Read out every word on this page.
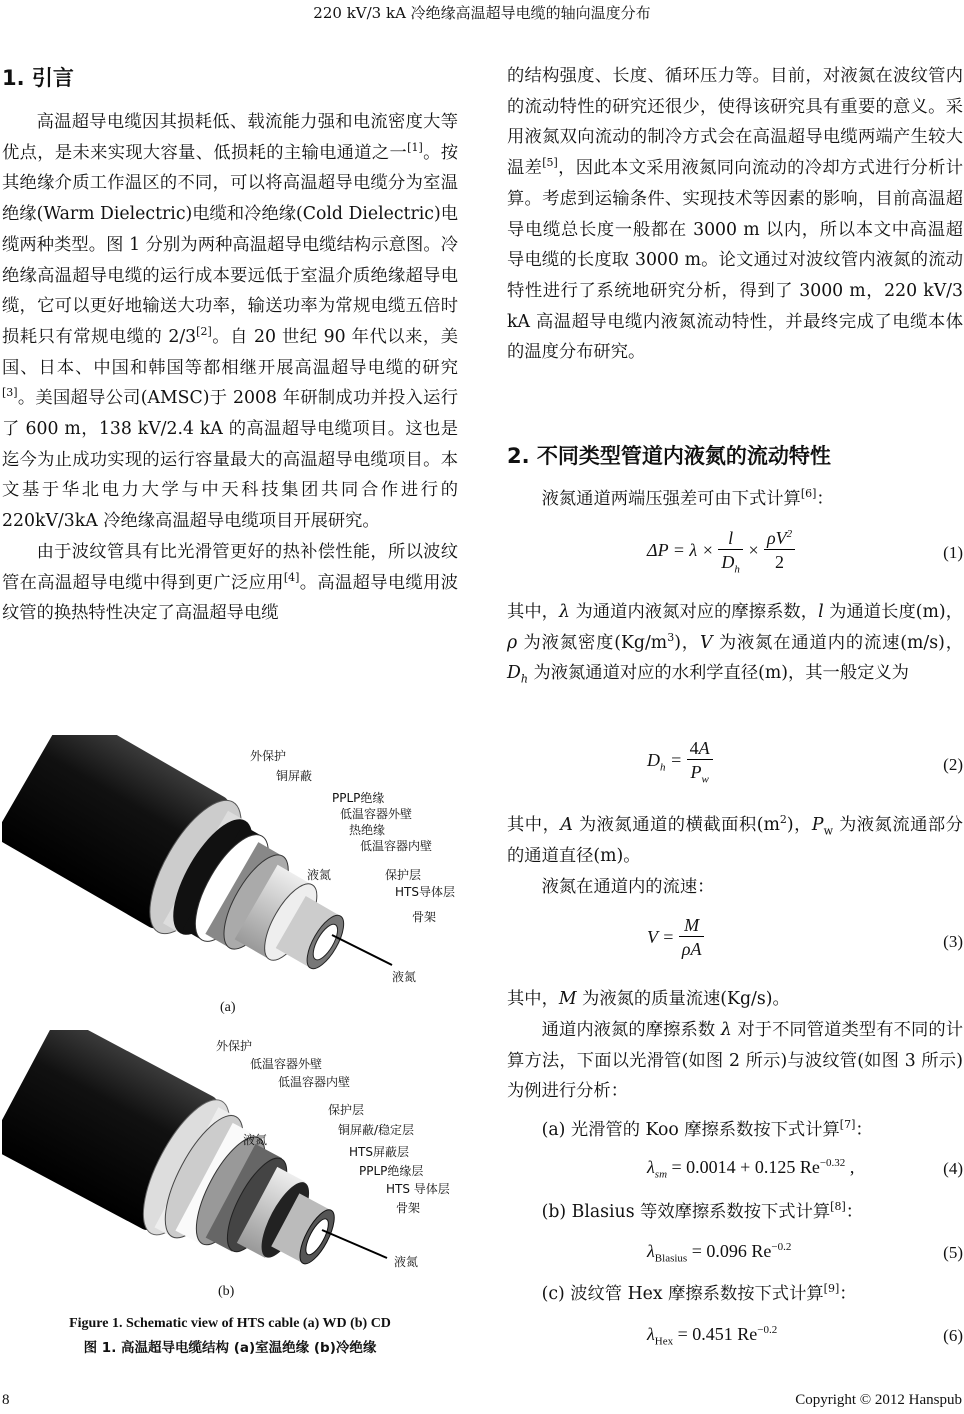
220 kV/3 kA 冷绝缘高温超导电缆的轴向温度分布
1. 引言

高温超导电缆因其损耗低、载流能力强和电流密度大等优点，是未来实现大容量、低损耗的主输电通道之一[1]。按其绝缘介质工作温区的不同，可以将高温超导电缆分为室温绝缘(Warm Dielectric)电缆和冷绝缘(Cold Dielectric)电缆两种类型。图 1 分别为两种高温超导电缆结构示意图。冷绝缘高温超导电缆的运行成本要远低于室温介质绝缘超导电缆，它可以更好地输送大功率，输送功率为常规电缆五倍时损耗只有常规电缆的 2/3[2]。自 20 世纪 90 年代以来，美国、日本、中国和韩国等都相继开展高温超导电缆的研究[3]。美国超导公司(AMSC)于 2008 年研制成功并投入运行了 600 m，138 kV/2.4 kA 的高温超导电缆项目。这也是迄今为止成功实现的运行容量最大的高温超导电缆项目。本文基于华北电力大学与中天科技集团共同合作进行的 220kV/3kA 冷绝缘高温超导电缆项目开展研究。

由于波纹管具有比光滑管更好的热补偿性能，所以波纹管在高温超导电缆中得到更广泛应用[4]。高温超导电缆用波纹管的换热特性决定了高温超导电缆

外保护
铜屏蔽
PPLP绝缘
低温容器外壁
热绝缘
低温容器内壁
液氮	保护层
HTS导体层
骨架
液氮
(a)
外保护
低温容器外壁
低温容器内壁
保护层
液氮
铜屏蔽/稳定层
HTS屏蔽层
PPLP绝缘层
HTS 导体层
骨架
液氮
(b)
Figure 1. Schematic view of HTS cable (a) WD (b) CD
图 1. 高温超导电缆结构 (a)室温绝缘 (b)冷绝缘

的结构强度、长度、循环压力等。目前，对液氮在波纹管内的流动特性的研究还很少，使得该研究具有重要的意义。采用液氮双向流动的制冷方式会在高温超导电缆两端产生较大温差[5]，因此本文采用液氮同向流动的冷却方式进行分析计算。考虑到运输条件、实现技术等因素的影响，目前高温超导电缆总长度一般都在 3000 m 以内，所以本文中高温超导电缆的长度取 3000 m。论文通过对波纹管内液氮的流动特性进行了系统地研究分析，得到了 3000 m，220 kV/3 kA 高温超导电缆内液氮流动特性，并最终完成了电缆本体的温度分布研究。

2. 不同类型管道内液氮的流动特性

液氮通道两端压强差可由下式计算[6]：

$\Delta P = \lambda \times \frac{l}{D_h} \times \frac{\rho V^2}{2}$	(1)

其中，λ 为通道内液氮对应的摩擦系数，l 为通道长度(m)，ρ 为液氮密度$(Kg/m^3)$，V 为液氮在通道内的流速(m/s)，$D_h$ 为液氮通道对应的水利学直径(m)，其一般定义为

$D_h = \frac{4A}{P_w}$	(2)

其中，A 为液氮通道的横截面积$(m^2)$，$P_w$ 为液氮流通部分的通道直径(m)。

液氮在通道内的流速：

$V = \frac{M}{\rho A}$	(3)

其中，M 为液氮的质量流速(Kg/s)。

通道内液氮的摩擦系数 λ 对于不同管道类型有不同的计算方法，下面以光滑管(如图 2 所示)与波纹管(如图 3 所示)为例进行分析：

(a) 光滑管的 Koo 摩擦系数按下式计算[7]：

$\lambda_{sm} = 0.0014 + 0.125$ $Re^{-0.32}$ ,	(4)

(b) Blasius 等效摩擦系数按下式计算[8]：

$\lambda_{Blasius} = 0.096$ $Re^{-0.2}$	(5)

(c) 波纹管 Hex 摩擦系数按下式计算[9]：

$\lambda_{Hex} = 0.451$ $Re^{-0.2}$	(6)
8	Copyright © 2012 Hanspub
